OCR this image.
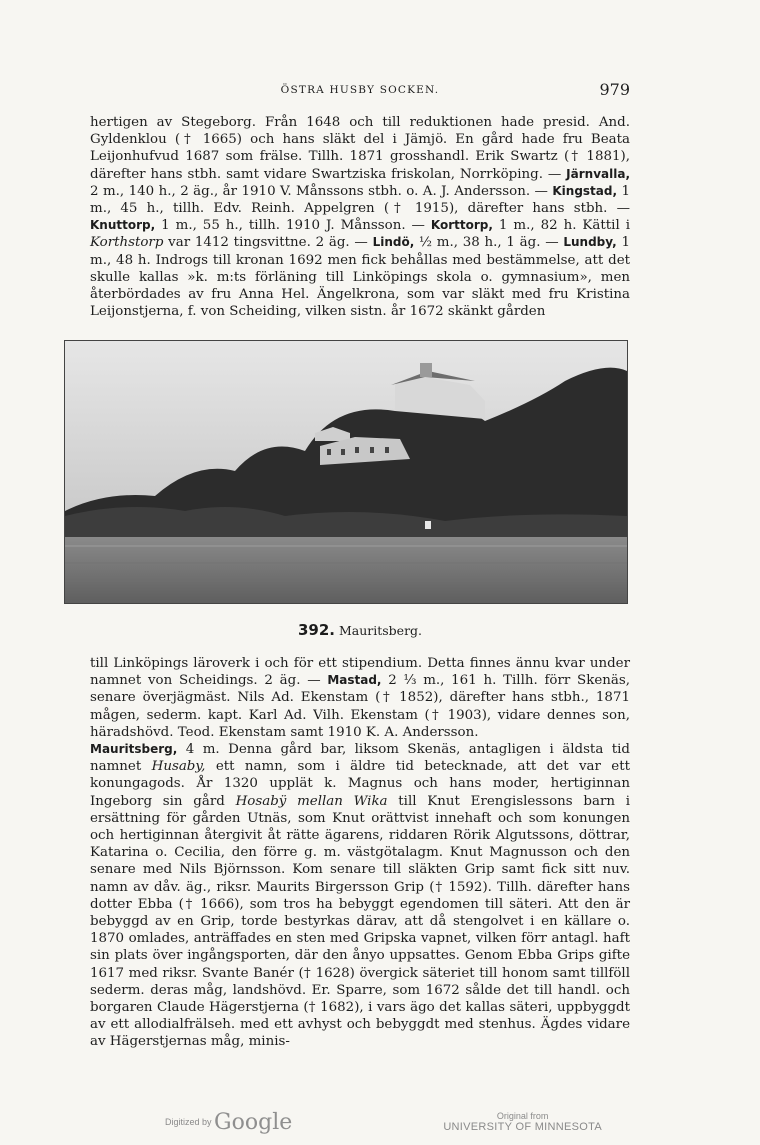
ÖSTRA HUSBY SOCKEN.	979

hertigen av Stegeborg. Från 1648 och till reduktionen hade presid. And. Gyldenklou († 1665) och hans släkt del i Jämjö. En gård hade fru Beata Leijonhufvud 1687 som frälse. Tillh. 1871 grosshandl. Erik Swartz († 1881), därefter hans stbh. samt vidare Swartziska friskolan, Norrköping. — Järnvalla, 2 m., 140 h., 2 äg., år 1910 V. Månssons stbh. o. A. J. Andersson. — Kingstad, 1 m., 45 h., tillh. Edv. Reinh. Appelgren († 1915), därefter hans stbh. — Knuttorp, 1 m., 55 h., tillh. 1910 J. Månsson. — Korttorp, 1 m., 82 h. Kättil i Korthstorp var 1412 tingsvittne. 2 äg. — Lindö, ½ m., 38 h., 1 äg. — Lundby, 1 m., 48 h. Indrogs till kronan 1692 men fick behållas med bestämmelse, att det skulle kallas »k. m:ts förläning till Linköpings skola o. gymnasium», men återbördades av fru Anna Hel. Ängelkrona, som var släkt med fru Kristina Leijonstjerna, f. von Scheiding, vilken sistn. år 1672 skänkt gården

392. Mauritsberg.

till Linköpings läroverk i och för ett stipendium. Detta finnes ännu kvar under namnet von Scheidings. 2 äg. — Mastad, 2 ⅓ m., 161 h. Tillh. förr Skenäs, senare överjägmäst. Nils Ad. Ekenstam († 1852), därefter hans stbh., 1871 mågen, sederm. kapt. Karl Ad. Vilh. Ekenstam († 1903), vidare dennes son, häradshövd. Teod. Ekenstam samt 1910 K. A. Andersson.

Mauritsberg, 4 m. Denna gård bar, liksom Skenäs, antagligen i äldsta tid namnet Husaby, ett namn, som i äldre tid betecknade, att det var ett konungagods. År 1320 upplät k. Magnus och hans moder, hertiginnan Ingeborg sin gård Hosabÿ mellan Wika till Knut Erengislessons barn i ersättning för gården Utnäs, som Knut orättvist innehaft och som konungen och hertiginnan återgivit åt rätte ägarens, riddaren Rörik Algutssons, döttrar, Katarina o. Cecilia, den förre g. m. västgötalagm. Knut Magnusson och den senare med Nils Björnsson. Kom senare till släkten Grip samt fick sitt nuv. namn av dåv. äg., riksr. Maurits Birgersson Grip († 1592). Tillh. därefter hans dotter Ebba († 1666), som tros ha bebyggt egendomen till säteri. Att den är bebyggd av en Grip, torde bestyrkas därav, att då stengolvet i en källare o. 1870 omlades, anträffades en sten med Gripska vapnet, vilken förr antagl. haft sin plats över ingångsporten, där den ånyo uppsattes. Genom Ebba Grips gifte 1617 med riksr. Svante Banér († 1628) övergick säteriet till honom samt tillföll sederm. deras måg, landshövd. Er. Sparre, som 1672 sålde det till handl. och borgaren Claude Hägerstjerna († 1682), i vars ägo det kallas säteri, uppbyggdt av ett allodialfrälseh. med ett avhyst och bebyggdt med stenhus. Ägdes vidare av Hägerstjernas måg, minis-

Digitized by Google	Original from
UNIVERSITY OF MINNESOTA
